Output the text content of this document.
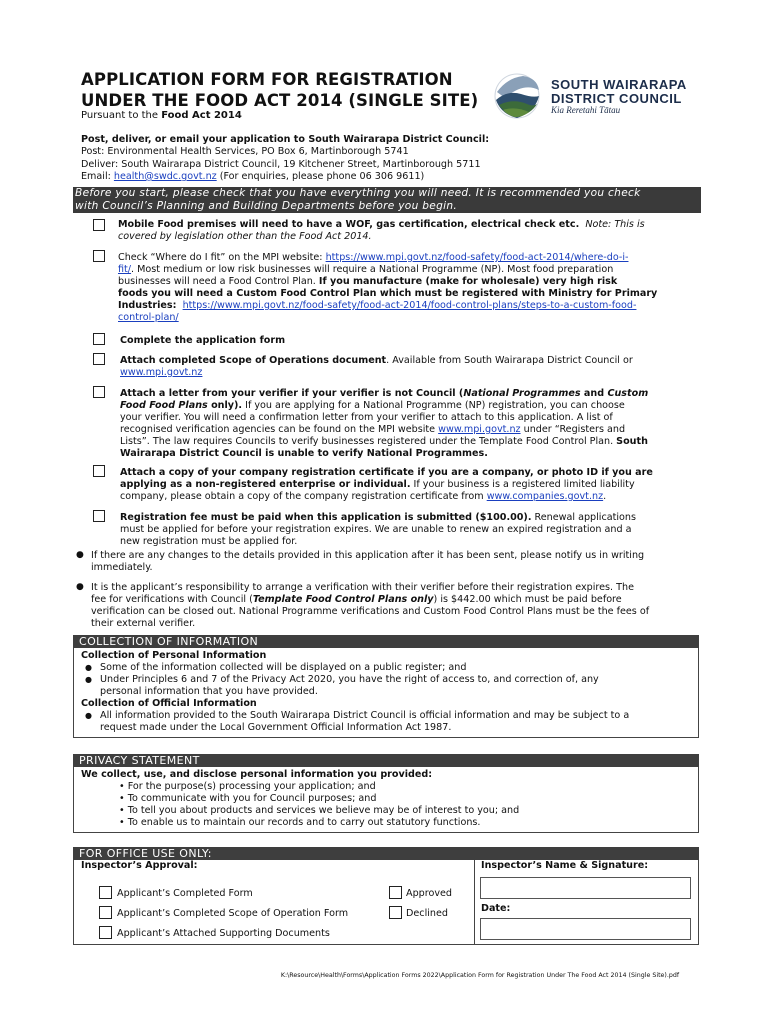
APPLICATION FORM FOR REGISTRATION
UNDER THE FOOD ACT 2014 (SINGLE SITE)
Pursuant to the Food Act 2014
SOUTH WAIRARAPA
DISTRICT COUNCIL
Kia Reretahi Tātau
Post, deliver, or email your application to South Wairarapa District Council:
Post: Environmental Health Services, PO Box 6, Martinborough 5741
Deliver: South Wairarapa District Council, 19 Kitchener Street, Martinborough 5711
Email: health@swdc.govt.nz (For enquiries, please phone 06 306 9611)
Before you start, please check that you have everything you will need. It is recommended you check
with Council’s Planning and Building Departments before you begin.
Mobile Food premises will need to have a WOF, gas certification, electrical check etc. Note: This is
covered by legislation other than the Food Act 2014.
Check “Where do I fit” on the MPI website: https://www.mpi.govt.nz/food-safety/food-act-2014/where-do-i-
fit/. Most medium or low risk businesses will require a National Programme (NP). Most food preparation
businesses will need a Food Control Plan. If you manufacture (make for wholesale) very high risk
foods you will need a Custom Food Control Plan which must be registered with Ministry for Primary
Industries: https://www.mpi.govt.nz/food-safety/food-act-2014/food-control-plans/steps-to-a-custom-food-
control-plan/
Complete the application form
Attach completed Scope of Operations document. Available from South Wairarapa District Council or
www.mpi.govt.nz
Attach a letter from your verifier if your verifier is not Council (National Programmes and Custom
Food Food Plans only). If you are applying for a National Programme (NP) registration, you can choose
your verifier. You will need a confirmation letter from your verifier to attach to this application. A list of
recognised verification agencies can be found on the MPI website www.mpi.govt.nz under “Registers and
Lists”. The law requires Councils to verify businesses registered under the Template Food Control Plan. South
Wairarapa District Council is unable to verify National Programmes.
Attach a copy of your company registration certificate if you are a company, or photo ID if you are
applying as a non-registered enterprise or individual. If your business is a registered limited liability
company, please obtain a copy of the company registration certificate from www.companies.govt.nz.
Registration fee must be paid when this application is submitted ($100.00). Renewal applications
must be applied for before your registration expires. We are unable to renew an expired registration and a
new registration must be applied for.
● If there are any changes to the details provided in this application after it has been sent, please notify us in writing
immediately.
● It is the applicant’s responsibility to arrange a verification with their verifier before their registration expires. The
fee for verifications with Council (Template Food Control Plans only) is $442.00 which must be paid before
verification can be closed out. National Programme verifications and Custom Food Control Plans must be the fees of
their external verifier.
COLLECTION OF INFORMATION
Collection of Personal Information
● Some of the information collected will be displayed on a public register; and
● Under Principles 6 and 7 of the Privacy Act 2020, you have the right of access to, and correction of, any
personal information that you have provided.
Collection of Official Information
● All information provided to the South Wairarapa District Council is official information and may be subject to a
request made under the Local Government Official Information Act 1987.
PRIVACY STATEMENT
We collect, use, and disclose personal information you provided:
• For the purpose(s) processing your application; and
• To communicate with you for Council purposes; and
• To tell you about products and services we believe may be of interest to you; and
• To enable us to maintain our records and to carry out statutory functions.
FOR OFFICE USE ONLY:
Inspector’s Approval:	Inspector’s Name & Signature:
Applicant’s Completed Form
Applicant’s Completed Scope of Operation Form
Applicant’s Attached Supporting Documents
Approved
Declined	Date:
K:\Resource\Health\Forms\Application Forms 2022\Application Form for Registration Under The Food Act 2014 (Single Site).pdf
